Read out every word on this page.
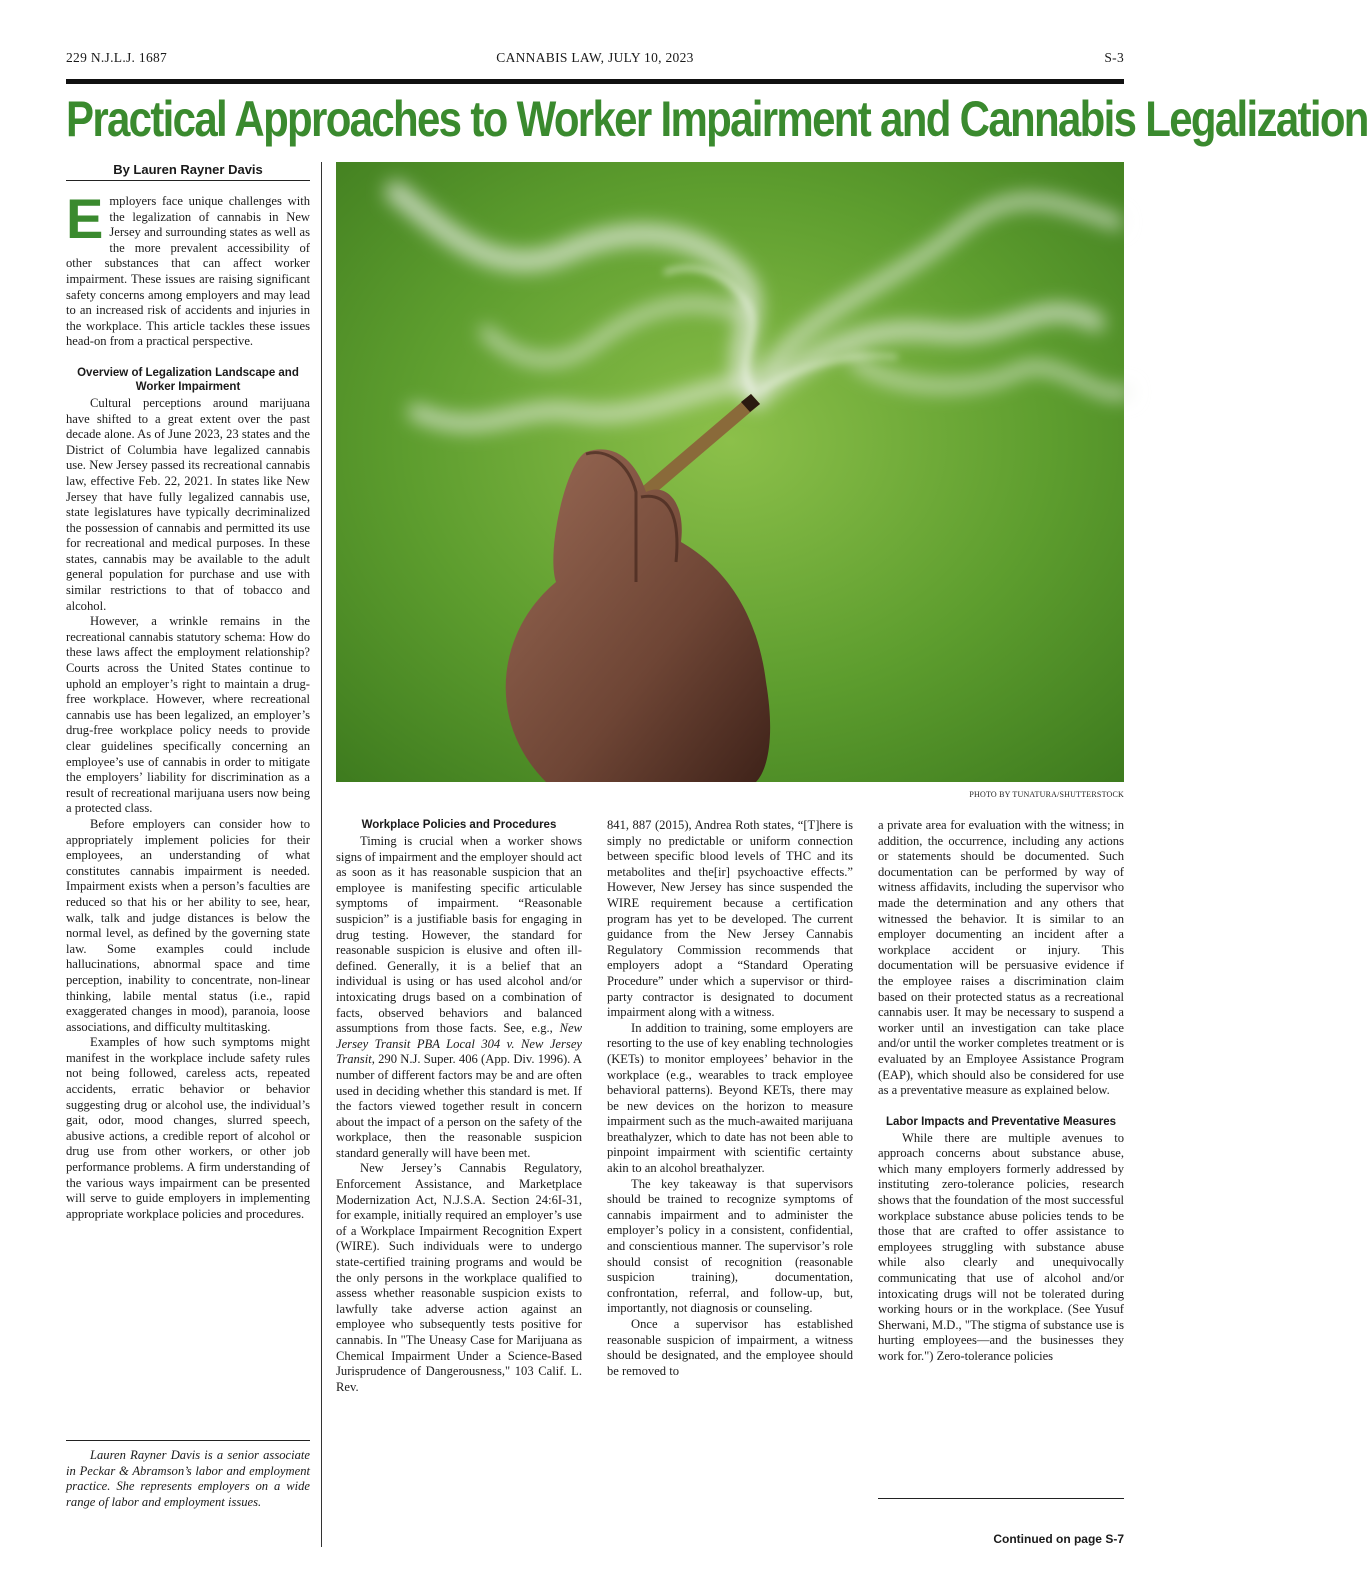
CANNABIS LAW, JULY 10, 2023
229 N.J.L.J. 1687	S-3
Practical Approaches to Worker Impairment and Cannabis Legalization
By Lauren Rayner Davis

Employers face unique challenges with the legalization of cannabis in New Jersey and surrounding states as well as the more prevalent accessibility of other substances that can affect worker impairment. These issues are raising significant safety concerns among employers and may lead to an increased risk of accidents and injuries in the workplace. This article tackles these issues head-on from a practical perspective.

Overview of Legalization Landscape and Worker Impairment

Cultural perceptions around marijuana have shifted to a great extent over the past decade alone. As of June 2023, 23 states and the District of Columbia have legalized cannabis use. New Jersey passed its recreational cannabis law, effective Feb. 22, 2021. In states like New Jersey that have fully legalized cannabis use, state legislatures have typically decriminalized the possession of cannabis and permitted its use for recreational and medical purposes. In these states, cannabis may be available to the adult general population for purchase and use with similar restrictions to that of tobacco and alcohol.

However, a wrinkle remains in the recreational cannabis statutory schema: How do these laws affect the employment relationship? Courts across the United States continue to uphold an employer’s right to maintain a drug-free workplace. However, where recreational cannabis use has been legalized, an employer’s drug-free workplace policy needs to provide clear guidelines specifically concerning an employee’s use of cannabis in order to mitigate the employers’ liability for discrimination as a result of recreational marijuana users now being a protected class.

Before employers can consider how to appropriately implement policies for their employees, an understanding of what constitutes cannabis impairment is needed. Impairment exists when a person’s faculties are reduced so that his or her ability to see, hear, walk, talk and judge distances is below the normal level, as defined by the governing state law. Some examples could include hallucinations, abnormal space and time perception, inability to concentrate, non-linear thinking, labile mental status (i.e., rapid exaggerated changes in mood), paranoia, loose associations, and difficulty multitasking.

Examples of how such symptoms might manifest in the workplace include safety rules not being followed, careless acts, repeated accidents, erratic behavior or behavior suggesting drug or alcohol use, the individual’s gait, odor, mood changes, slurred speech, abusive actions, a credible report of alcohol or drug use from other workers, or other job performance problems. A firm understanding of the various ways impairment can be presented will serve to guide employers in implementing appropriate workplace policies and procedures.

Lauren Rayner Davis is a senior associate in Peckar & Abramson’s labor and employment practice. She represents employers on a wide range of labor and employment issues.
PHOTO BY TUNATURA/SHUTTERSTOCK
Workplace Policies and Procedures

Timing is crucial when a worker shows signs of impairment and the employer should act as soon as it has reasonable suspicion that an employee is manifesting specific articulable symptoms of impairment. “Reasonable suspicion” is a justifiable basis for engaging in drug testing. However, the standard for reasonable suspicion is elusive and often ill-defined. Generally, it is a belief that an individual is using or has used alcohol and/or intoxicating drugs based on a combination of facts, observed behaviors and balanced assumptions from those facts. See, e.g., New Jersey Transit PBA Local 304 v. New Jersey Transit, 290 N.J. Super. 406 (App. Div. 1996). A number of different factors may be and are often used in deciding whether this standard is met. If the factors viewed together result in concern about the impact of a person on the safety of the workplace, then the reasonable suspicion standard generally will have been met.

New Jersey’s Cannabis Regulatory, Enforcement Assistance, and Marketplace Modernization Act, N.J.S.A. Section 24:6I-31, for example, initially required an employer’s use of a Workplace Impairment Recognition Expert (WIRE). Such individuals were to undergo state-certified training programs and would be the only persons in the workplace qualified to assess whether reasonable suspicion exists to lawfully take adverse action against an employee who subsequently tests positive for cannabis. In "The Uneasy Case for Marijuana as Chemical Impairment Under a Science-Based Jurisprudence of Dangerousness," 103 Calif. L. Rev.

841, 887 (2015), Andrea Roth states, “[T]here is simply no predictable or uniform connection between specific blood levels of THC and its metabolites and the[ir] psychoactive effects.” However, New Jersey has since suspended the WIRE requirement because a certification program has yet to be developed. The current guidance from the New Jersey Cannabis Regulatory Commission recommends that employers adopt a “Standard Operating Procedure” under which a supervisor or third-party contractor is designated to document impairment along with a witness.

In addition to training, some employers are resorting to the use of key enabling technologies (KETs) to monitor employees’ behavior in the workplace (e.g., wearables to track employee behavioral patterns). Beyond KETs, there may be new devices on the horizon to measure impairment such as the much-awaited marijuana breathalyzer, which to date has not been able to pinpoint impairment with scientific certainty akin to an alcohol breathalyzer.

The key takeaway is that supervisors should be trained to recognize symptoms of cannabis impairment and to administer the employer’s policy in a consistent, confidential, and conscientious manner. The supervisor’s role should consist of recognition (reasonable suspicion training), documentation, confrontation, referral, and follow-up, but, importantly, not diagnosis or counseling.

Once a supervisor has established reasonable suspicion of impairment, a witness should be designated, and the employee should be removed to

a private area for evaluation with the witness; in addition, the occurrence, including any actions or statements should be documented. Such documentation can be performed by way of witness affidavits, including the supervisor who made the determination and any others that witnessed the behavior. It is similar to an employer documenting an incident after a workplace accident or injury. This documentation will be persuasive evidence if the employee raises a discrimination claim based on their protected status as a recreational cannabis user. It may be necessary to suspend a worker until an investigation can take place and/or until the worker completes treatment or is evaluated by an Employee Assistance Program (EAP), which should also be considered for use as a preventative measure as explained below.

Labor Impacts and Preventative Measures

While there are multiple avenues to approach concerns about substance abuse, which many employers formerly addressed by instituting zero-tolerance policies, research shows that the foundation of the most successful workplace substance abuse policies tends to be those that are crafted to offer assistance to employees struggling with substance abuse while also clearly and unequivocally communicating that use of alcohol and/or intoxicating drugs will not be tolerated during working hours or in the workplace. (See Yusuf Sherwani, M.D., "The stigma of substance use is hurting employees—and the businesses they work for.") Zero-tolerance policies

Continued on page S-7
